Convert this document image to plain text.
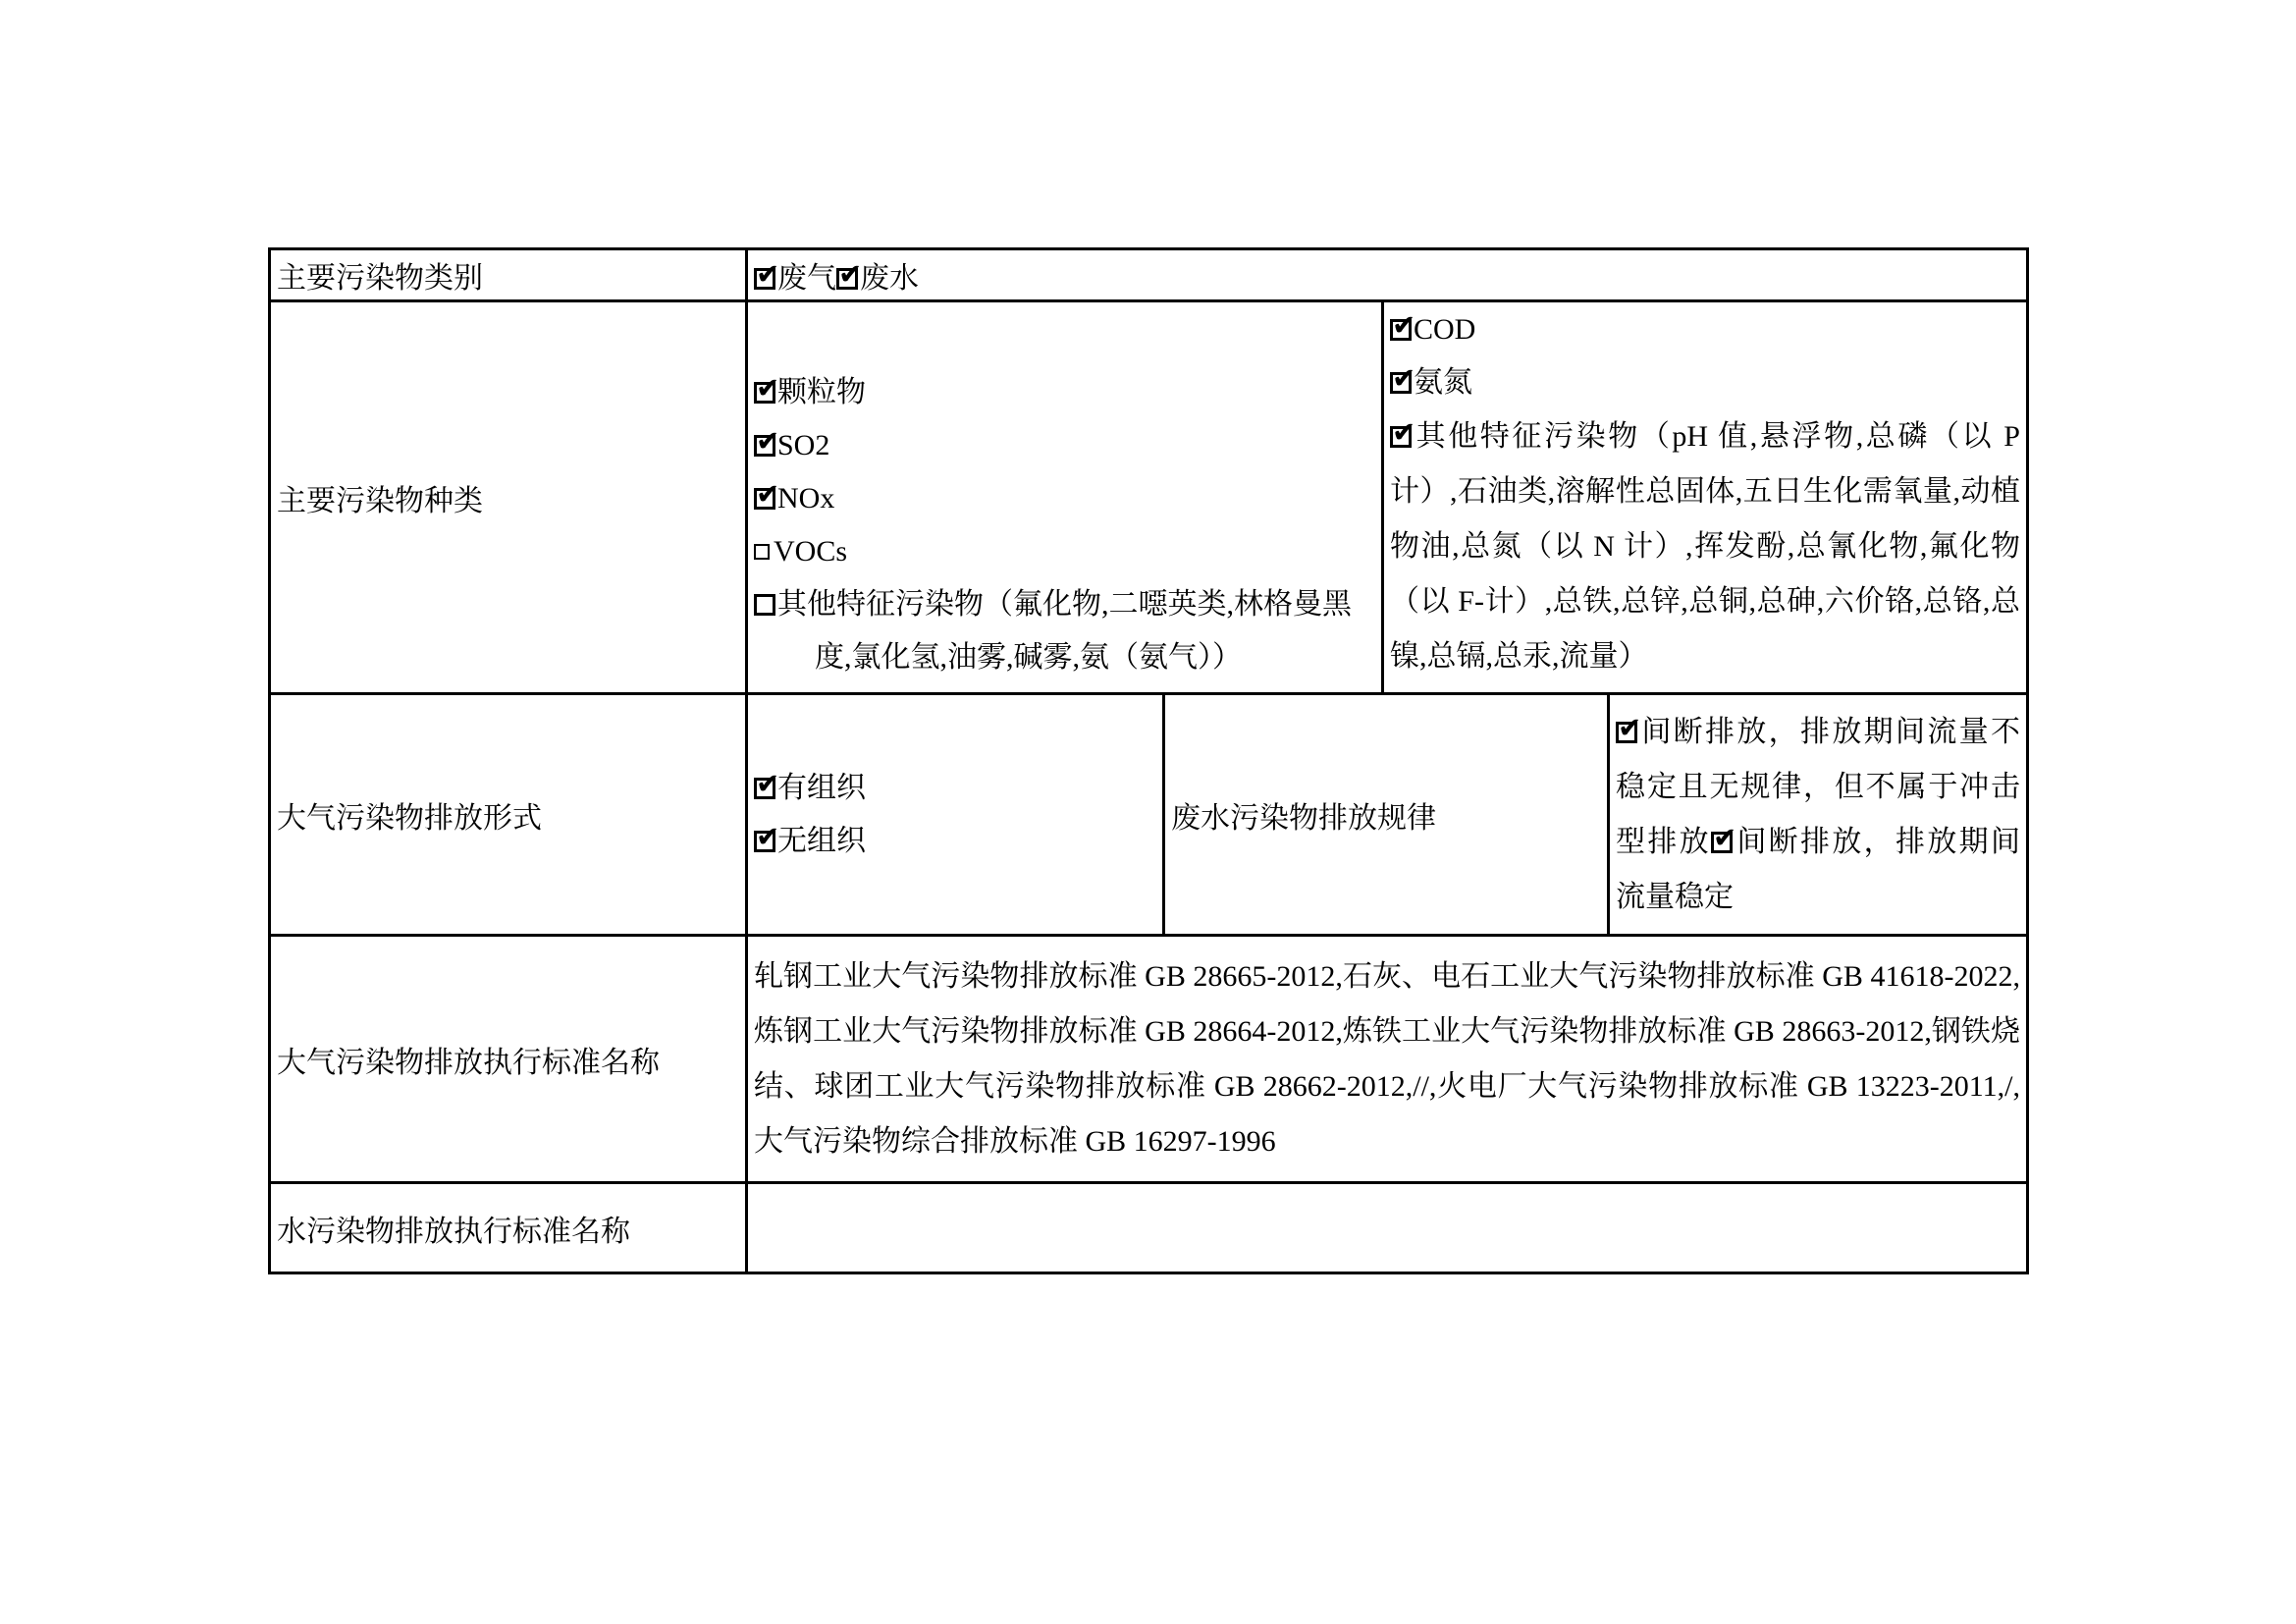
主要污染物类别 ✔	废气 ✔ 废水
主要污染物种类
✔颗粒物
✔SO2
✔NOx
VOCs
✔其他特征污染物（氟化物,二噁英类,林格曼黑度,氯化氢,油雾,碱雾,氨（氨气））
✔COD
✔氨氮
✔其他特征污染物（pH 值,悬浮物,总磷（以 P 计）,石油类,溶解性总固体,五日生化需氧量,动植物油,总氮（以 N 计）,挥发酚,总氰化物,氟化物（以 F-计）,总铁,总锌,总铜,总砷,六价铬,总铬,总镍,总镉,总汞,流量）
大气污染物排放形式
✔有组织
✔无组织
废水污染物排放规律
✔间断排放，排放期间流量不稳定且无规律，但不属于冲击型排放 ✔ 间断排放，排放期间流量稳定
大气污染物排放执行标准名称
轧钢工业大气污染物排放标准 GB 28665-2012,石灰、电石工业大气污染物排放标准 GB 41618-2022,炼钢工业大气污染物排放标准 GB 28664-2012,炼铁工业大气污染物排放标准 GB 28663-2012,钢铁烧结、球团工业大气污染物排放标准 GB 28662-2012,//,火电厂大气污染物排放标准 GB 13223-2011,/,大气污染物综合排放标准 GB 16297-1996
水污染物排放执行标准名称
